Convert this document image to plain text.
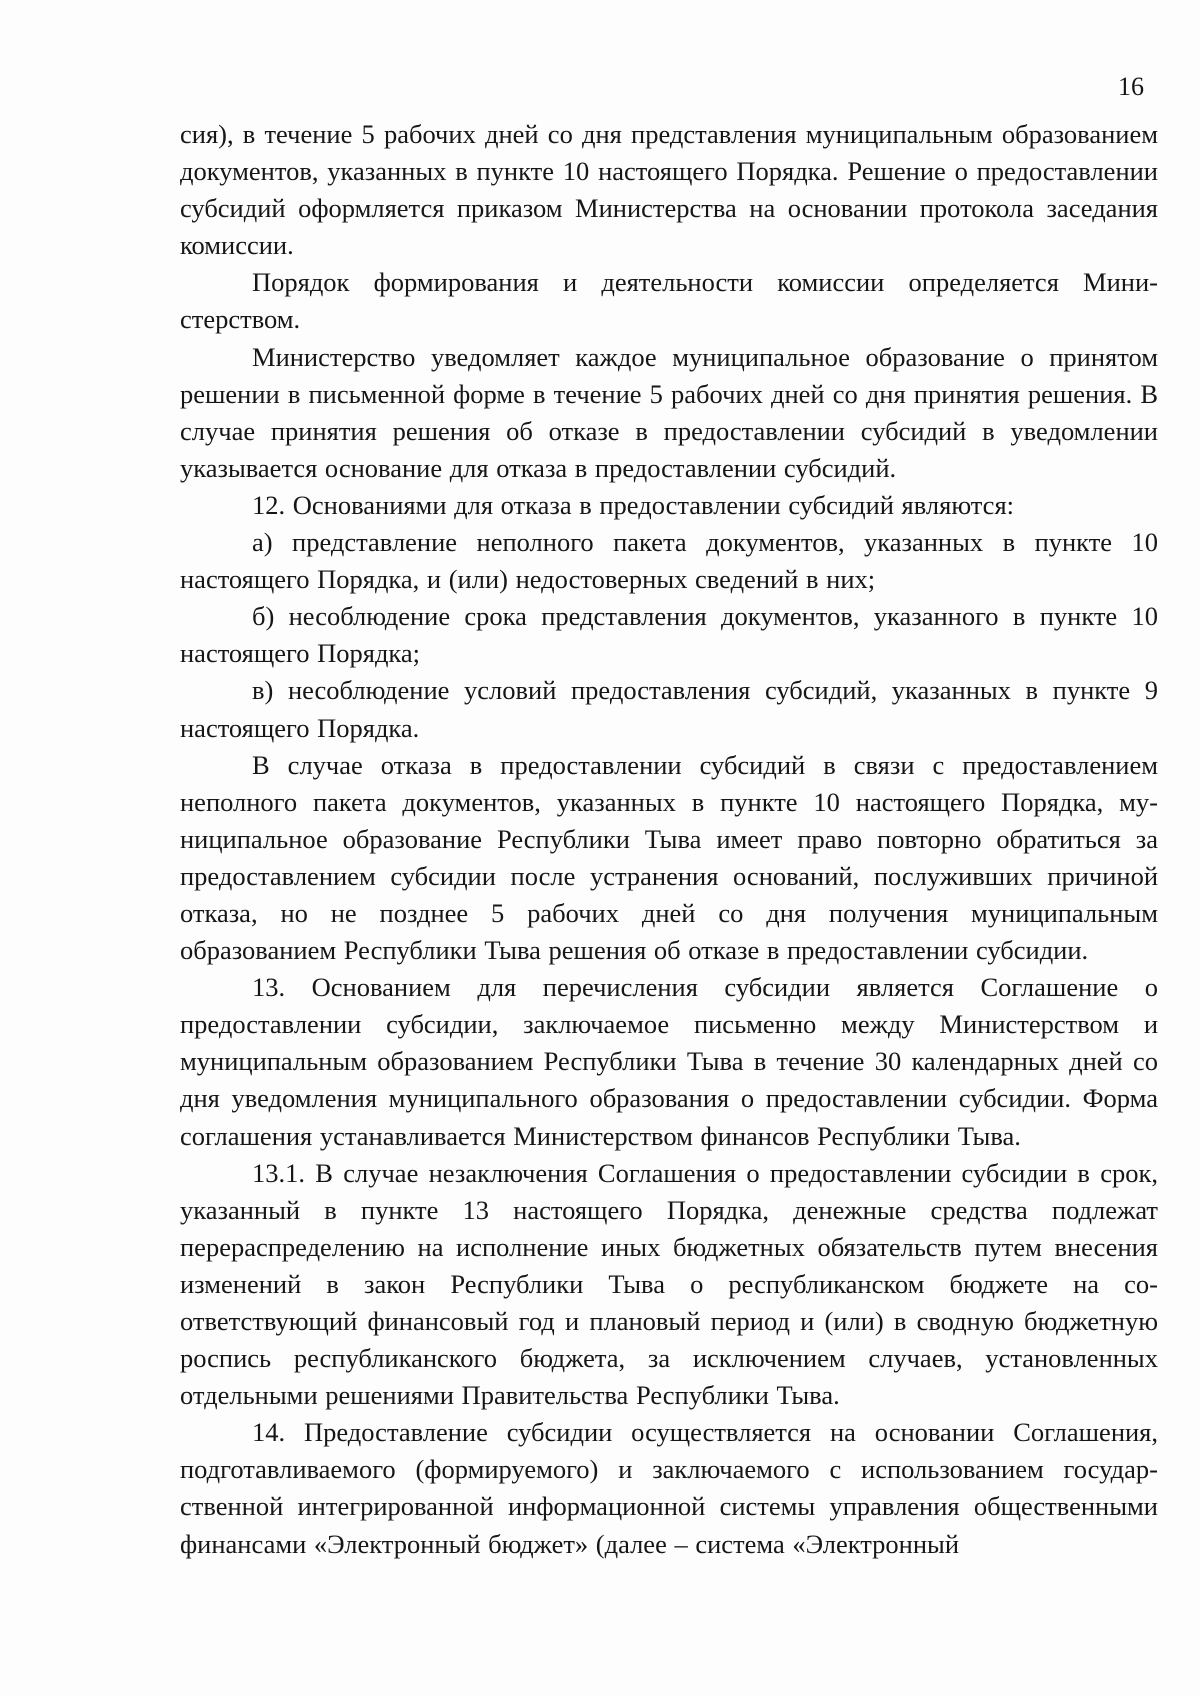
16

сия), в течение 5 рабочих дней со дня представления муниципальным образованием документов, указанных в пункте 10 настоящего Порядка. Решение о предоставлении субсидий оформляется приказом Министерства на основании протокола заседания комиссии.

Порядок формирования и деятельности комиссии определяется Министерством.

Министерство уведомляет каждое муниципальное образование о принятом решении в письменной форме в течение 5 рабочих дней со дня принятия решения. В случае принятия решения об отказе в предоставлении субсидий в уведомлении указывается основание для отказа в предоставлении субсидий.

12. Основаниями для отказа в предоставлении субсидий являются:

а) представление неполного пакета документов, указанных в пункте 10 настоящего Порядка, и (или) недостоверных сведений в них;

б) несоблюдение срока представления документов, указанного в пункте 10 настоящего Порядка;

в) несоблюдение условий предоставления субсидий, указанных в пункте 9 настоящего Порядка.

В случае отказа в предоставлении субсидий в связи с предоставлением неполного пакета документов, указанных в пункте 10 настоящего Порядка, муниципальное образование Республики Тыва имеет право повторно обратиться за предоставлением субсидии после устранения оснований, послуживших причиной отказа, но не позднее 5 рабочих дней со дня получения муниципальным образованием Республики Тыва решения об отказе в предоставлении субсидии.

13. Основанием для перечисления субсидии является Соглашение о предоставлении субсидии, заключаемое письменно между Министерством и муниципальным образованием Республики Тыва в течение 30 календарных дней со дня уведомления муниципального образования о предоставлении субсидии. Форма соглашения устанавливается Министерством финансов Республики Тыва.

13.1. В случае незаключения Соглашения о предоставлении субсидии в срок, указанный в пункте 13 настоящего Порядка, денежные средства подлежат перераспределению на исполнение иных бюджетных обязательств путем внесения изменений в закон Республики Тыва о республиканском бюджете на соответствующий финансовый год и плановый период и (или) в сводную бюджетную роспись республиканского бюджета, за исключением случаев, установленных отдельными решениями Правительства Республики Тыва.

14. Предоставление субсидии осуществляется на основании Соглашения, подготавливаемого (формируемого) и заключаемого с использованием государственной интегрированной информационной системы управления общественными финансами «Электронный бюджет» (далее – система «Электронный
